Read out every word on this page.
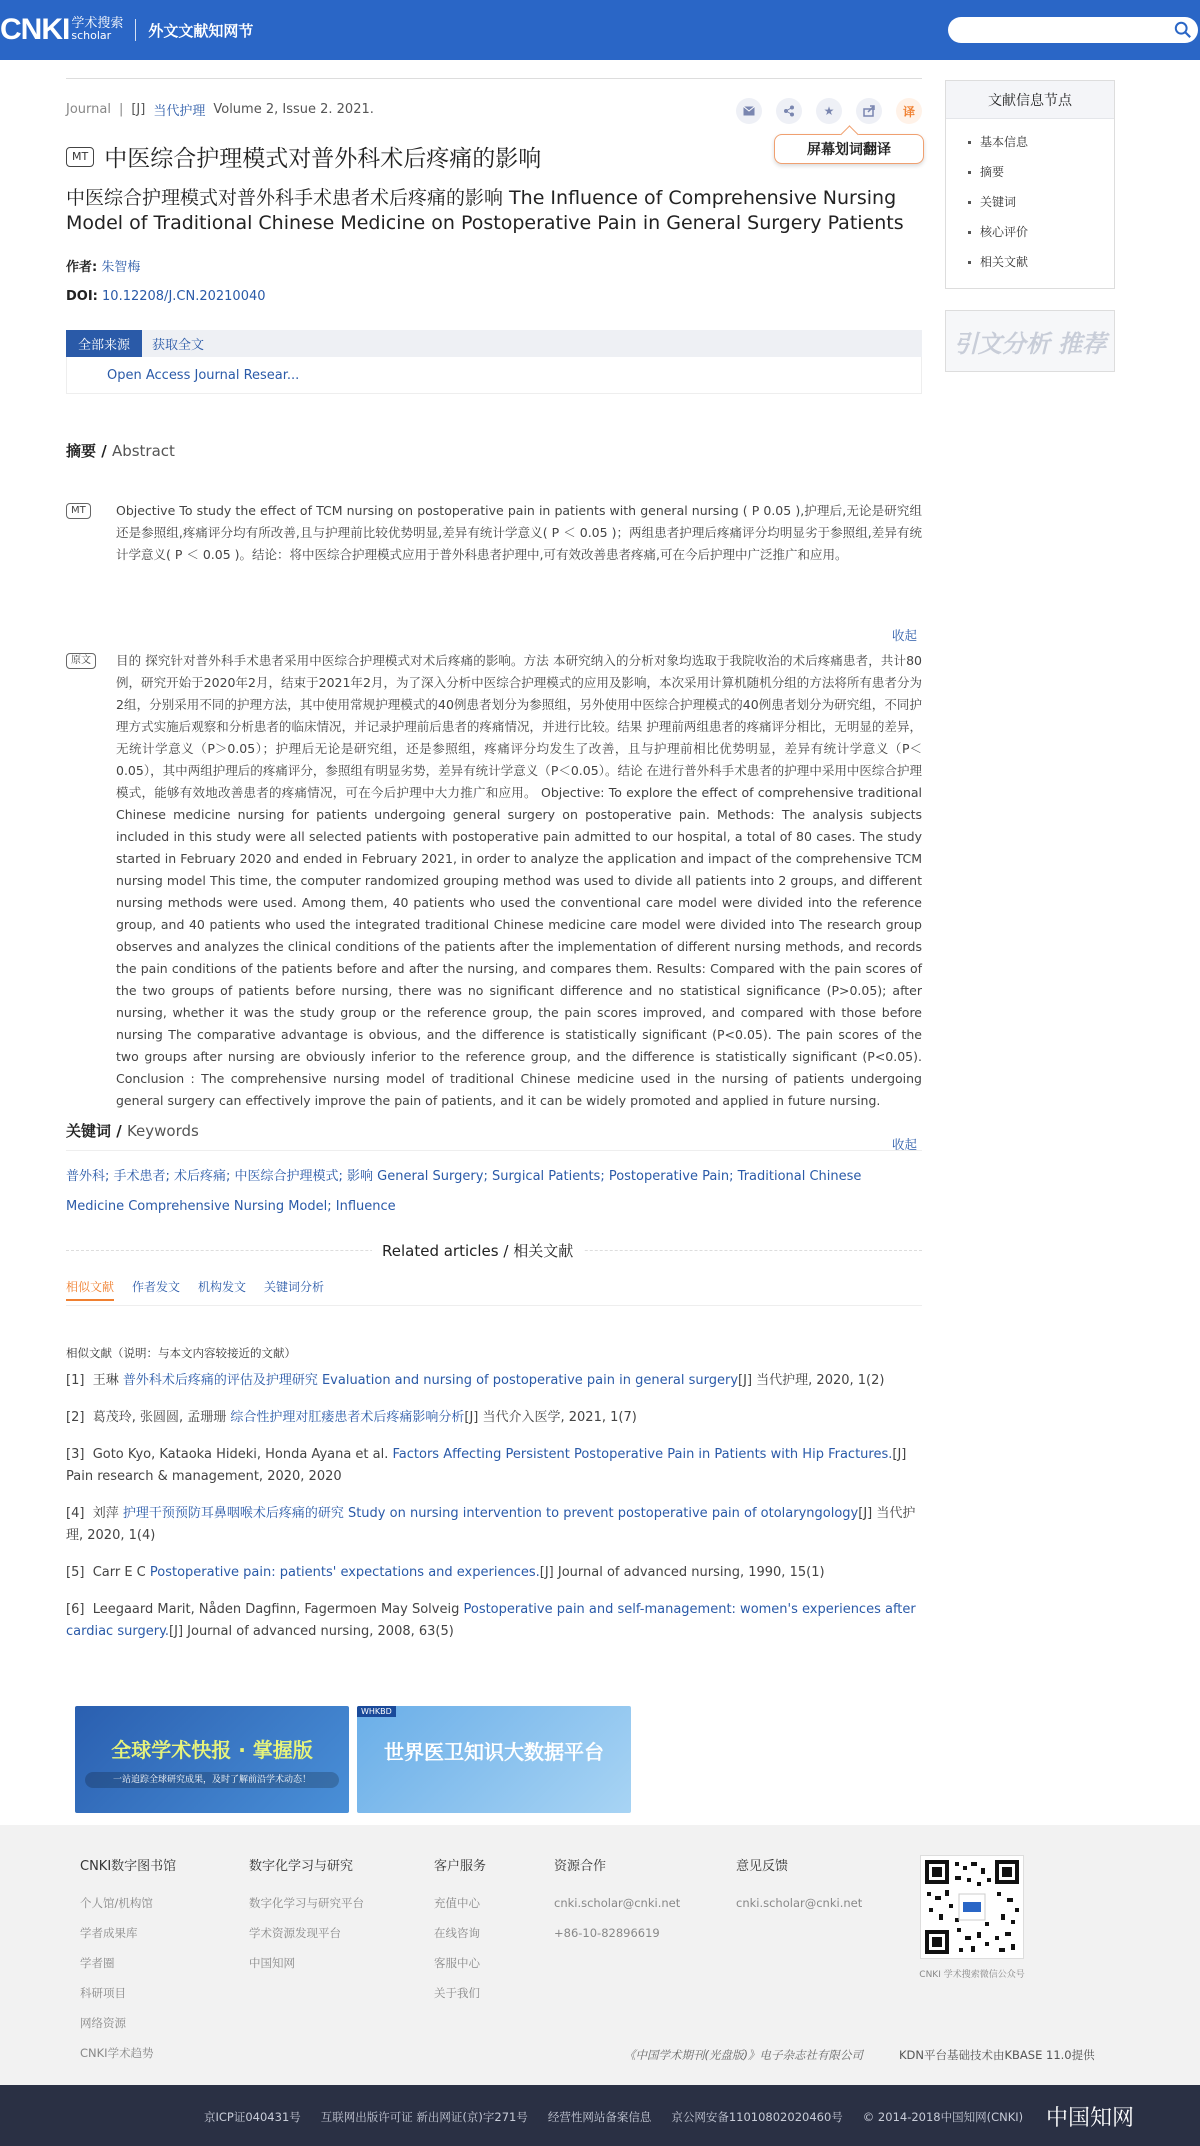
CNKI 学术搜索
scholar	外文文献知网节
Journal | [J] 当代护理 Volume 2, Issue 2. 2021.	★	译
MT 中医综合护理模式对普外科术后疼痛的影响
中医综合护理模式对普外科手术患者术后疼痛的影响 The Influence of Comprehensive Nursing Model of Traditional Chinese Medicine on Postoperative Pain in General Surgery Patients
作者: 朱智梅
DOI: 10.12208/J.CN.20210040
全部来源	获取全文
Open Access Journal Resear...
摘要 / Abstract
MT	Objective To study the effect of TCM nursing on postoperative pain in patients with general nursing ( P 0.05 ),护理后,无论是研究组还是参照组,疼痛评分均有所改善,且与护理前比较优势明显,差异有统计学意义( P ＜ 0.05 )；两组患者护理后疼痛评分均明显劣于参照组,差异有统计学意义( P ＜ 0.05 )。结论：将中医综合护理模式应用于普外科患者护理中,可有效改善患者疼痛,可在今后护理中广泛推广和应用。

收起
原文	目的 探究针对普外科手术患者采用中医综合护理模式对术后疼痛的影响。方法 本研究纳入的分析对象均选取于我院收治的术后疼痛患者，共计80例，研究开始于2020年2月，结束于2021年2月，为了深入分析中医综合护理模式的应用及影响，本次采用计算机随机分组的方法将所有患者分为2组，分别采用不同的护理方法，其中使用常规护理模式的40例患者划分为参照组，另外使用中医综合护理模式的40例患者划分为研究组，不同护理方式实施后观察和分析患者的临床情况，并记录护理前后患者的疼痛情况，并进行比较。结果 护理前两组患者的疼痛评分相比，无明显的差异，无统计学意义（P＞0.05）；护理后无论是研究组，还是参照组，疼痛评分均发生了改善，且与护理前相比优势明显，差异有统计学意义（P＜0.05），其中两组护理后的疼痛评分，参照组有明显劣势，差异有统计学意义（P＜0.05）。结论 在进行普外科手术患者的护理中采用中医综合护理模式，能够有效地改善患者的疼痛情况，可在今后护理中大力推广和应用。 Objective: To explore the effect of comprehensive traditional Chinese medicine nursing for patients undergoing general surgery on postoperative pain. Methods: The analysis subjects included in this study were all selected patients with postoperative pain admitted to our hospital, a total of 80 cases. The study started in February 2020 and ended in February 2021, in order to analyze the application and impact of the comprehensive TCM nursing model This time, the computer randomized grouping method was used to divide all patients into 2 groups, and different nursing methods were used. Among them, 40 patients who used the conventional care model were divided into the reference group, and 40 patients who used the integrated traditional Chinese medicine care model were divided into The research group observes and analyzes the clinical conditions of the patients after the implementation of different nursing methods, and records the pain conditions of the patients before and after the nursing, and compares them. Results: Compared with the pain scores of the two groups of patients before nursing, there was no significant difference and no statistical significance (P>0.05); after nursing, whether it was the study group or the reference group, the pain scores improved, and compared with those before nursing The comparative advantage is obvious, and the difference is statistically significant (P<0.05). The pain scores of the two groups after nursing are obviously inferior to the reference group, and the difference is statistically significant (P<0.05). Conclusion : The comprehensive nursing model of traditional Chinese medicine used in the nursing of patients undergoing general surgery can effectively improve the pain of patients, and it can be widely promoted and applied in future nursing.

收起
关键词 / Keywords
普外科; 手术患者; 术后疼痛; 中医综合护理模式; 影响 General Surgery; Surgical Patients; Postoperative Pain; Traditional Chinese Medicine Comprehensive Nursing Model; Influence
Related articles / 相关文献
相似文献 作者发文 机构发文 关键词分析
相似文献（说明：与本文内容较接近的文献）
[1] 王琳 普外科术后疼痛的评估及护理研究 Evaluation and nursing of postoperative pain in general surgery[J] 当代护理, 2020, 1(2)
[2] 葛茂玲, 张圆圆, 孟珊珊 综合性护理对肛瘘患者术后疼痛影响分析[J] 当代介入医学, 2021, 1(7)
[3] Goto Kyo, Kataoka Hideki, Honda Ayana et al. Factors Affecting Persistent Postoperative Pain in Patients with Hip Fractures.[J] Pain research & management, 2020, 2020
[4] 刘萍 护理干预预防耳鼻咽喉术后疼痛的研究 Study on nursing intervention to prevent postoperative pain of otolaryngology[J] 当代护理, 2020, 1(4)
[5] Carr E C Postoperative pain: patients' expectations and experiences.[J] Journal of advanced nursing, 1990, 15(1)
[6] Leegaard Marit, Nåden Dagfinn, Fagermoen May Solveig Postoperative pain and self-management: women's experiences after cardiac surgery.[J] Journal of advanced nursing, 2008, 63(5)
屏幕划词翻译
文献信息节点
基本信息
摘要
关键词
核心评价
相关文献
引文分析 推荐
全球学术快报 · 掌握版
一站追踪全球研究成果，及时了解前沿学术动态！
WHKBD
世界医卫知识大数据平台
CNKI数字图书馆
个人馆/机构馆
学者成果库
学者圈
科研项目
网络资源
CNKI学术趋势
数字化学习与研究
数字化学习与研究平台
学术资源发现平台
中国知网
客户服务
充值中心
在线咨询
客服中心
关于我们
资源合作
cnki.scholar@cnki.net
+86-10-82896619
意见反馈
cnki.scholar@cnki.net
CNKI 学术搜索微信公众号
《中国学术期刊(光盘版)》电子杂志社有限公司	KDN平台基础技术由KBASE 11.0提供
京ICP证040431号 互联网出版许可证 新出网证(京)字271号 经营性网站备案信息 京公网安备11010802020460号 © 2014-2018中国知网(CNKI) 中国知网
